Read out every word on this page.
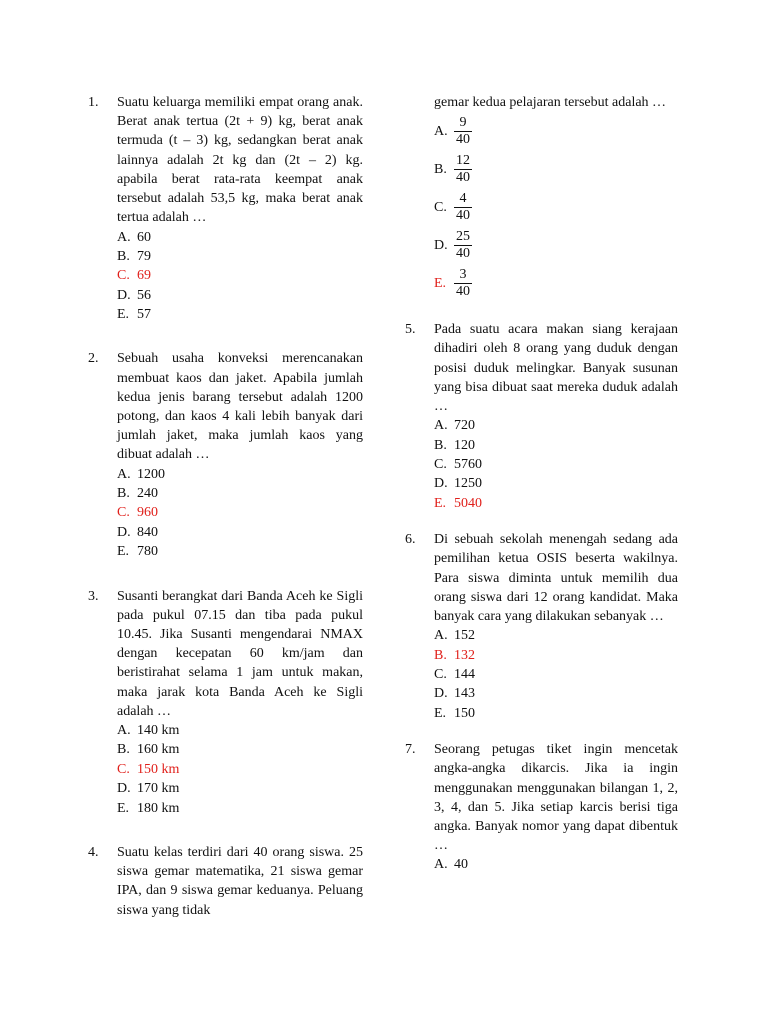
1. Suatu keluarga memiliki empat orang anak. Berat anak tertua (2t + 9) kg, berat anak termuda (t – 3) kg, sedangkan berat anak lainnya adalah 2t kg dan (2t – 2) kg. apabila berat rata-rata keempat anak tersebut adalah 53,5 kg, maka berat anak tertua adalah …
A. 60
B. 79
C. 69
D. 56
E. 57
2. Sebuah usaha konveksi merencanakan membuat kaos dan jaket. Apabila jumlah kedua jenis barang tersebut adalah 1200 potong, dan kaos 4 kali lebih banyak dari jumlah jaket, maka jumlah kaos yang dibuat adalah …
A. 1200
B. 240
C. 960
D. 840
E. 780
3. Susanti berangkat dari Banda Aceh ke Sigli pada pukul 07.15 dan tiba pada pukul 10.45. Jika Susanti mengendarai NMAX dengan kecepatan 60 km/jam dan beristirahat selama 1 jam untuk makan, maka jarak kota Banda Aceh ke Sigli adalah …
A. 140 km
B. 160 km
C. 150 km
D. 170 km
E. 180 km
4. Suatu kelas terdiri dari 40 orang siswa. 25 siswa gemar matematika, 21 siswa gemar IPA, dan 9 siswa gemar keduanya. Peluang siswa yang tidak
gemar kedua pelajaran tersebut adalah …
A. $\frac{9}{40}$
B. $\frac{12}{40}$
C. $\frac{4}{40}$
D. $\frac{25}{40}$
E. $\frac{3}{40}$
5. Pada suatu acara makan siang kerajaan dihadiri oleh 8 orang yang duduk dengan posisi duduk melingkar. Banyak susunan yang bisa dibuat saat mereka duduk adalah …
A. 720
B. 120
C. 5760
D. 1250
E. 5040
6. Di sebuah sekolah menengah sedang ada pemilihan ketua OSIS beserta wakilnya. Para siswa diminta untuk memilih dua orang siswa dari 12 orang kandidat. Maka banyak cara yang dilakukan sebanyak …
A. 152
B. 132
C. 144
D. 143
E. 150
7. Seorang petugas tiket ingin mencetak angka-angka dikarcis. Jika ia ingin menggunakan menggunakan bilangan 1, 2, 3, 4, dan 5. Jika setiap karcis berisi tiga angka. Banyak nomor yang dapat dibentuk …
A. 40
